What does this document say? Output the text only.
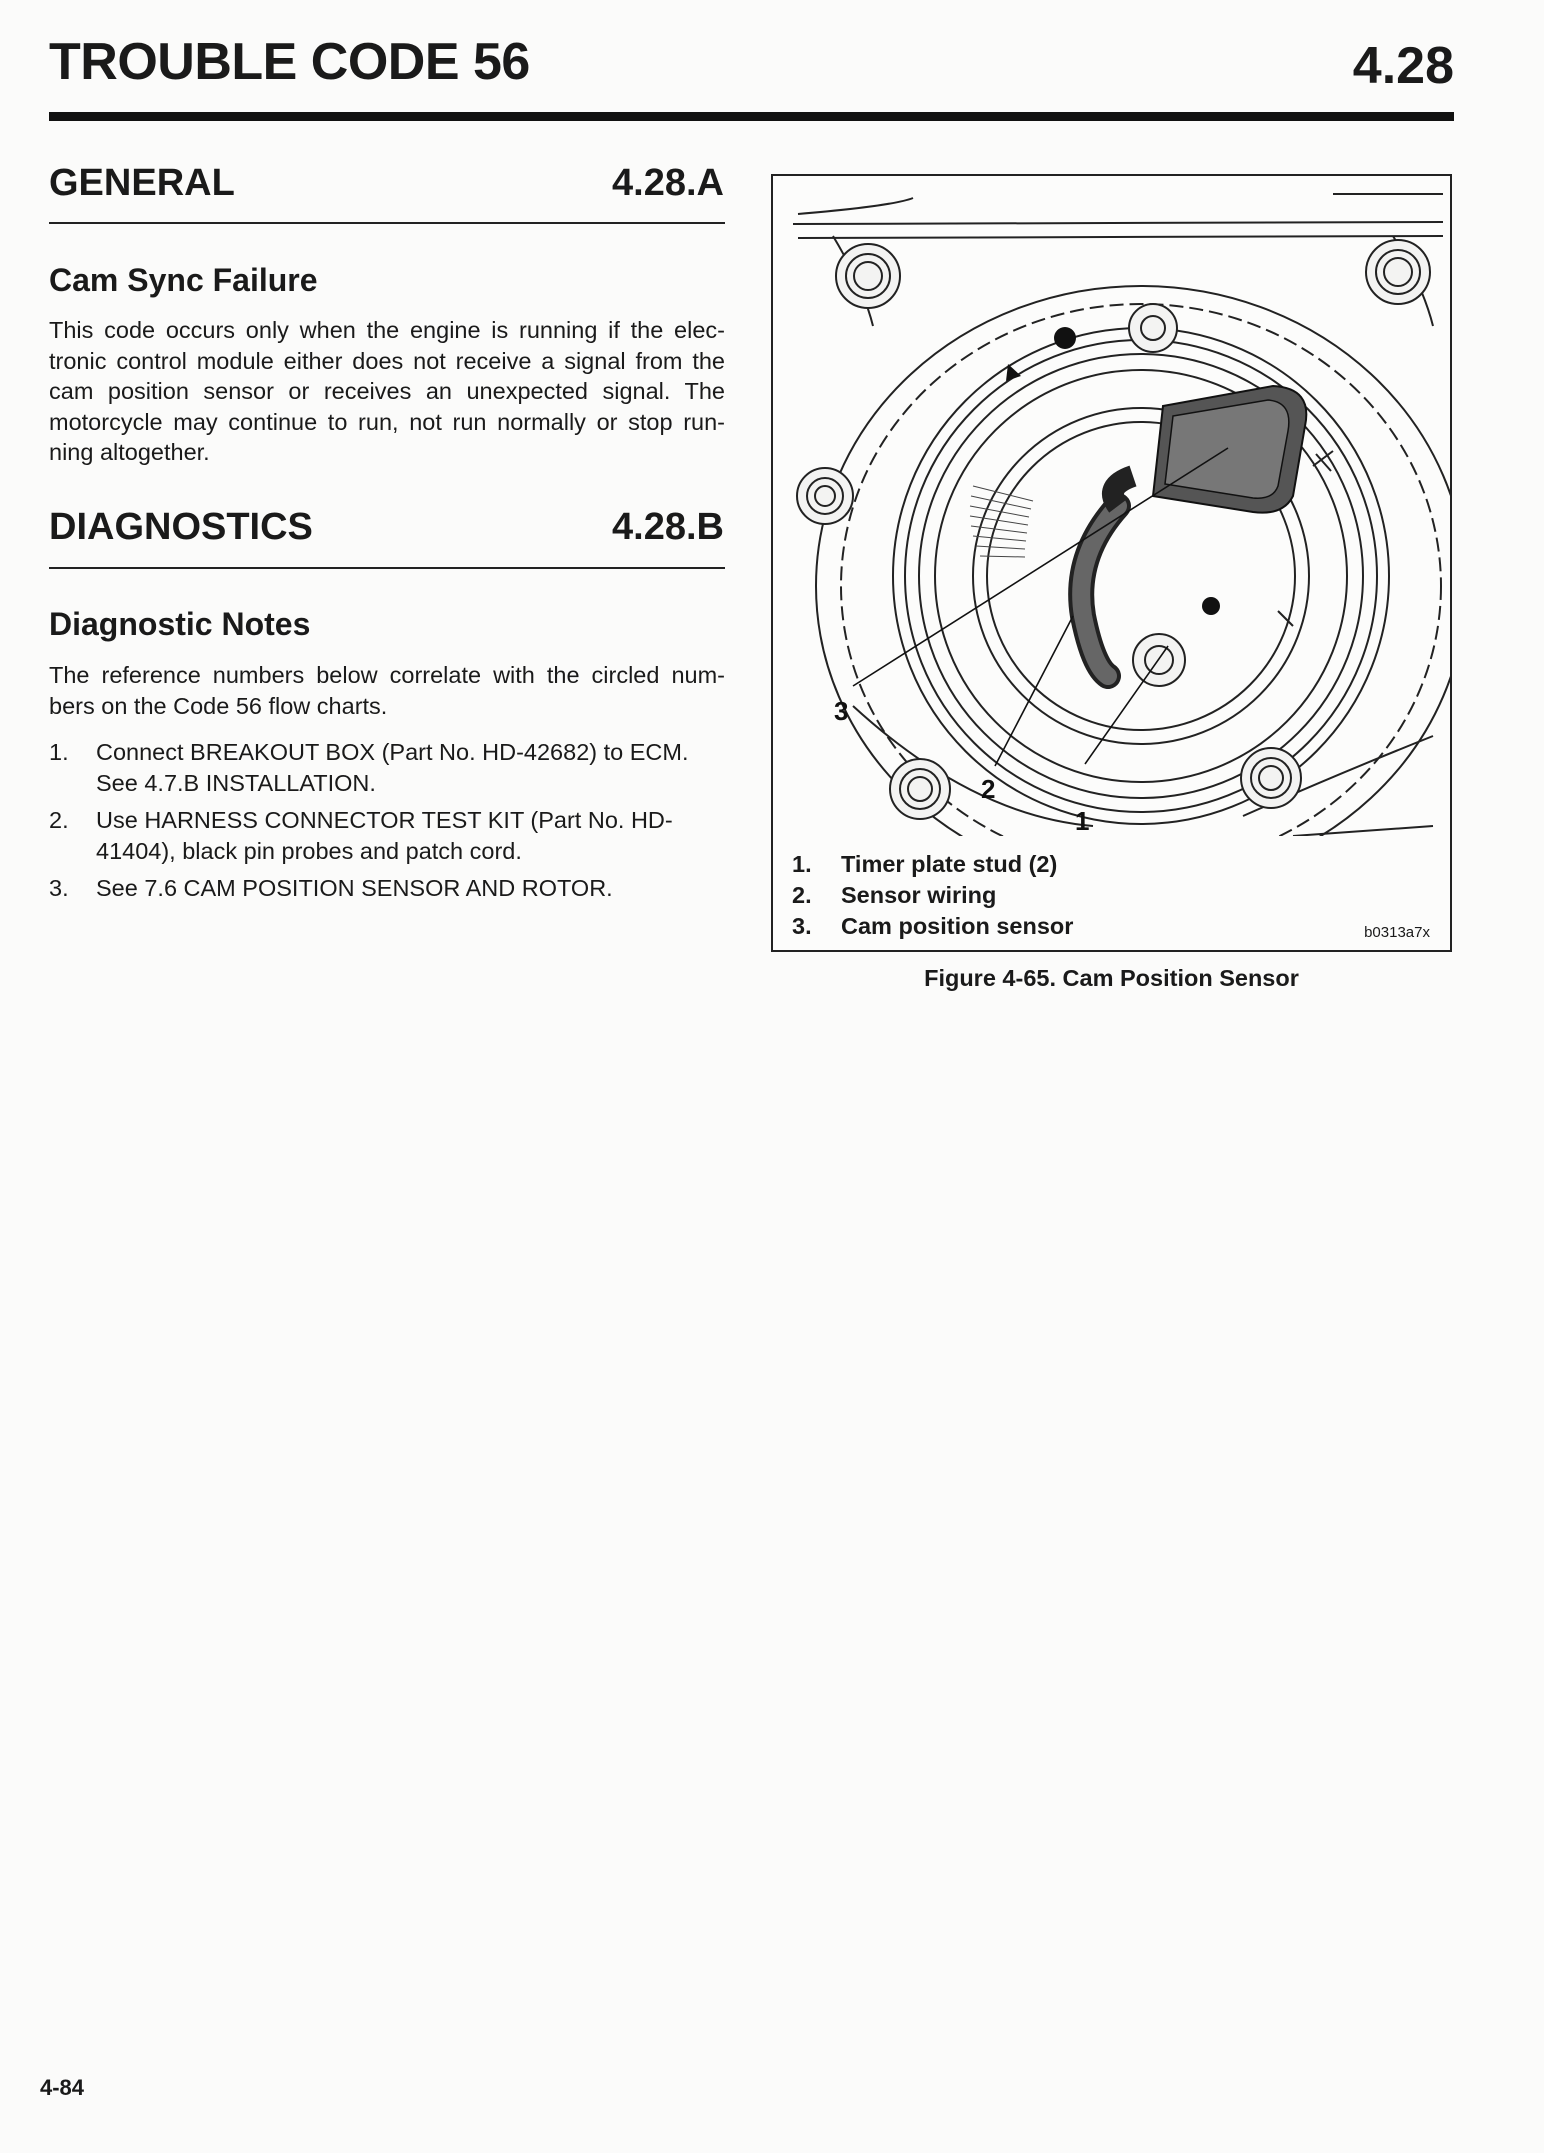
TROUBLE CODE 56	4.28
GENERAL	4.28.A
Cam Sync Failure
This code occurs only when the engine is running if the elec-
tronic control module either does not receive a signal from the
cam position sensor or receives an unexpected signal. The
motorcycle may continue to run, not run normally or stop run-
ning altogether.
DIAGNOSTICS	4.28.B
Diagnostic Notes
The reference numbers below correlate with the circled num-
bers on the Code 56 flow charts.
1. Connect BREAKOUT BOX (Part No. HD-42682) to ECM.
See 4.7.B INSTALLATION.
2. Use HARNESS CONNECTOR TEST KIT (Part No. HD-
41404), black pin probes and patch cord.
3. See 7.6 CAM POSITION SENSOR AND ROTOR.
3
2
1
1. Timer plate stud (2)
2. Sensor wiring
3. Cam position sensor	b0313a7x
Figure 4-65. Cam Position Sensor
4-84
